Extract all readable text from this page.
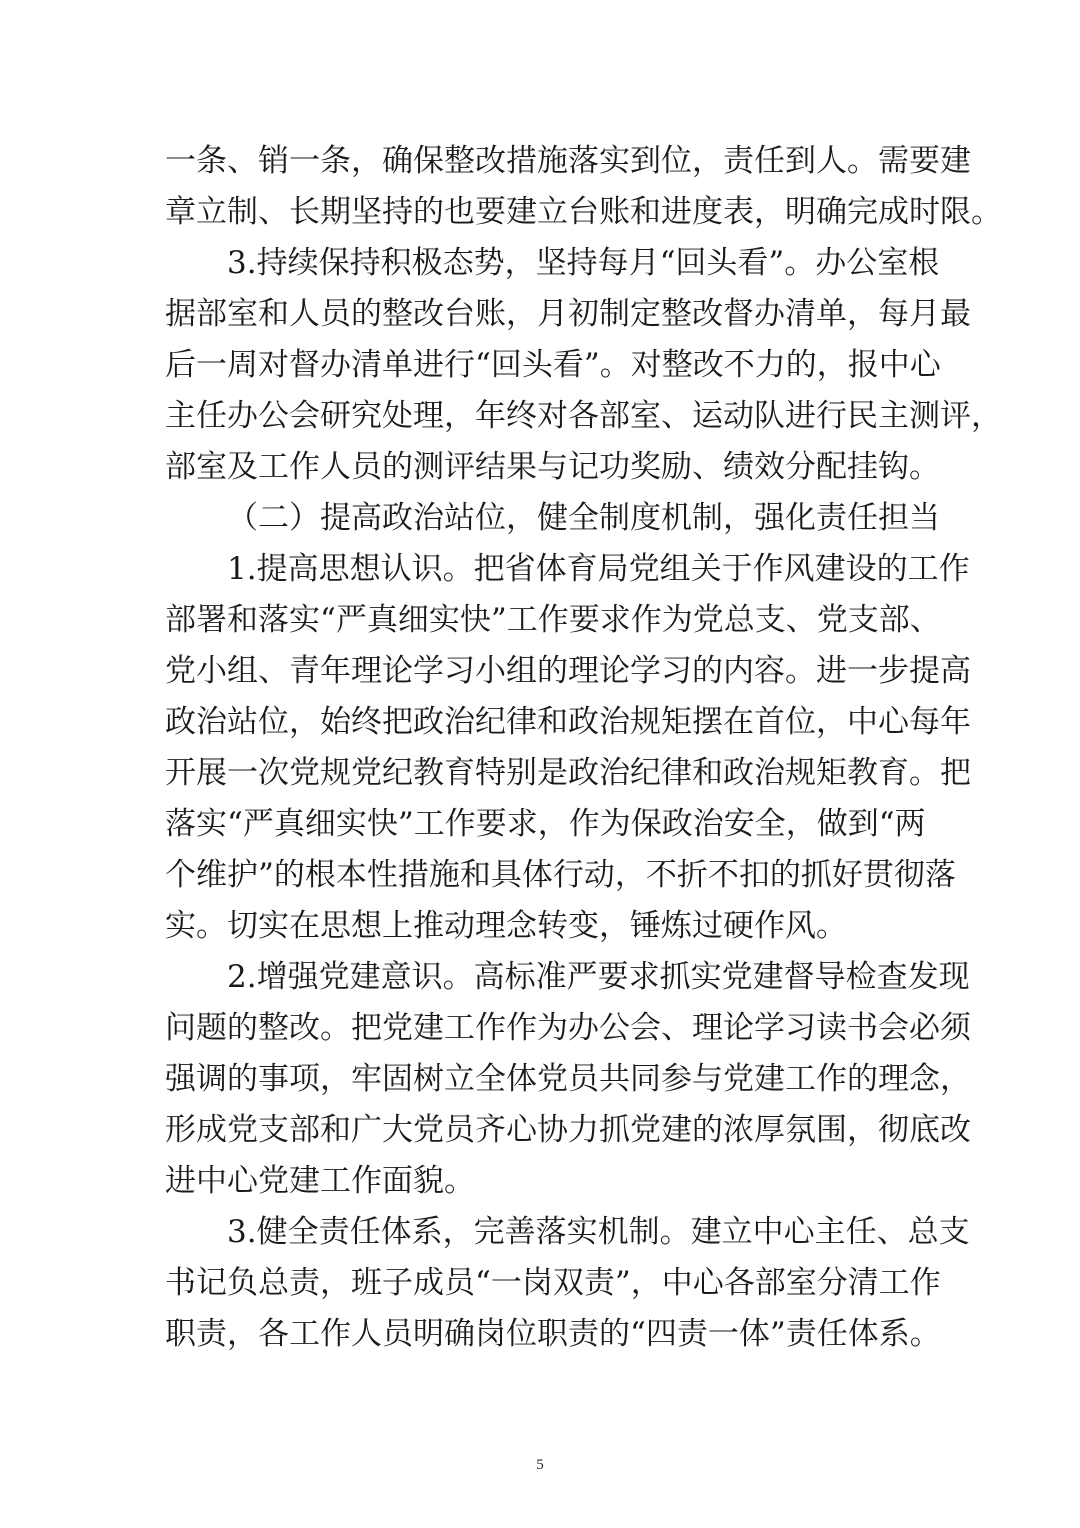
一条、销一条，确保整改措施落实到位，责任到人。需要建
章立制、长期坚持的也要建立台账和进度表，明确完成时限。
3.持续保持积极态势，坚持每月“回头看”。办公室根
据部室和人员的整改台账，月初制定整改督办清单，每月最
后一周对督办清单进行“回头看”。对整改不力的，报中心
主任办公会研究处理，年终对各部室、运动队进行民主测评，
部室及工作人员的测评结果与记功奖励、绩效分配挂钩。
（二）提高政治站位，健全制度机制，强化责任担当
1.提高思想认识。把省体育局党组关于作风建设的工作
部署和落实“严真细实快”工作要求作为党总支、党支部、
党小组、青年理论学习小组的理论学习的内容。进一步提高
政治站位，始终把政治纪律和政治规矩摆在首位，中心每年
开展一次党规党纪教育特别是政治纪律和政治规矩教育。把
落实“严真细实快”工作要求，作为保政治安全，做到“两
个维护”的根本性措施和具体行动，不折不扣的抓好贯彻落
实。切实在思想上推动理念转变，锤炼过硬作风。
2.增强党建意识。高标准严要求抓实党建督导检查发现
问题的整改。把党建工作作为办公会、理论学习读书会必须
强调的事项，牢固树立全体党员共同参与党建工作的理念，
形成党支部和广大党员齐心协力抓党建的浓厚氛围，彻底改
进中心党建工作面貌。
3.健全责任体系，完善落实机制。建立中心主任、总支
书记负总责，班子成员“一岗双责”，中心各部室分清工作
职责，各工作人员明确岗位职责的“四责一体”责任体系。
5
